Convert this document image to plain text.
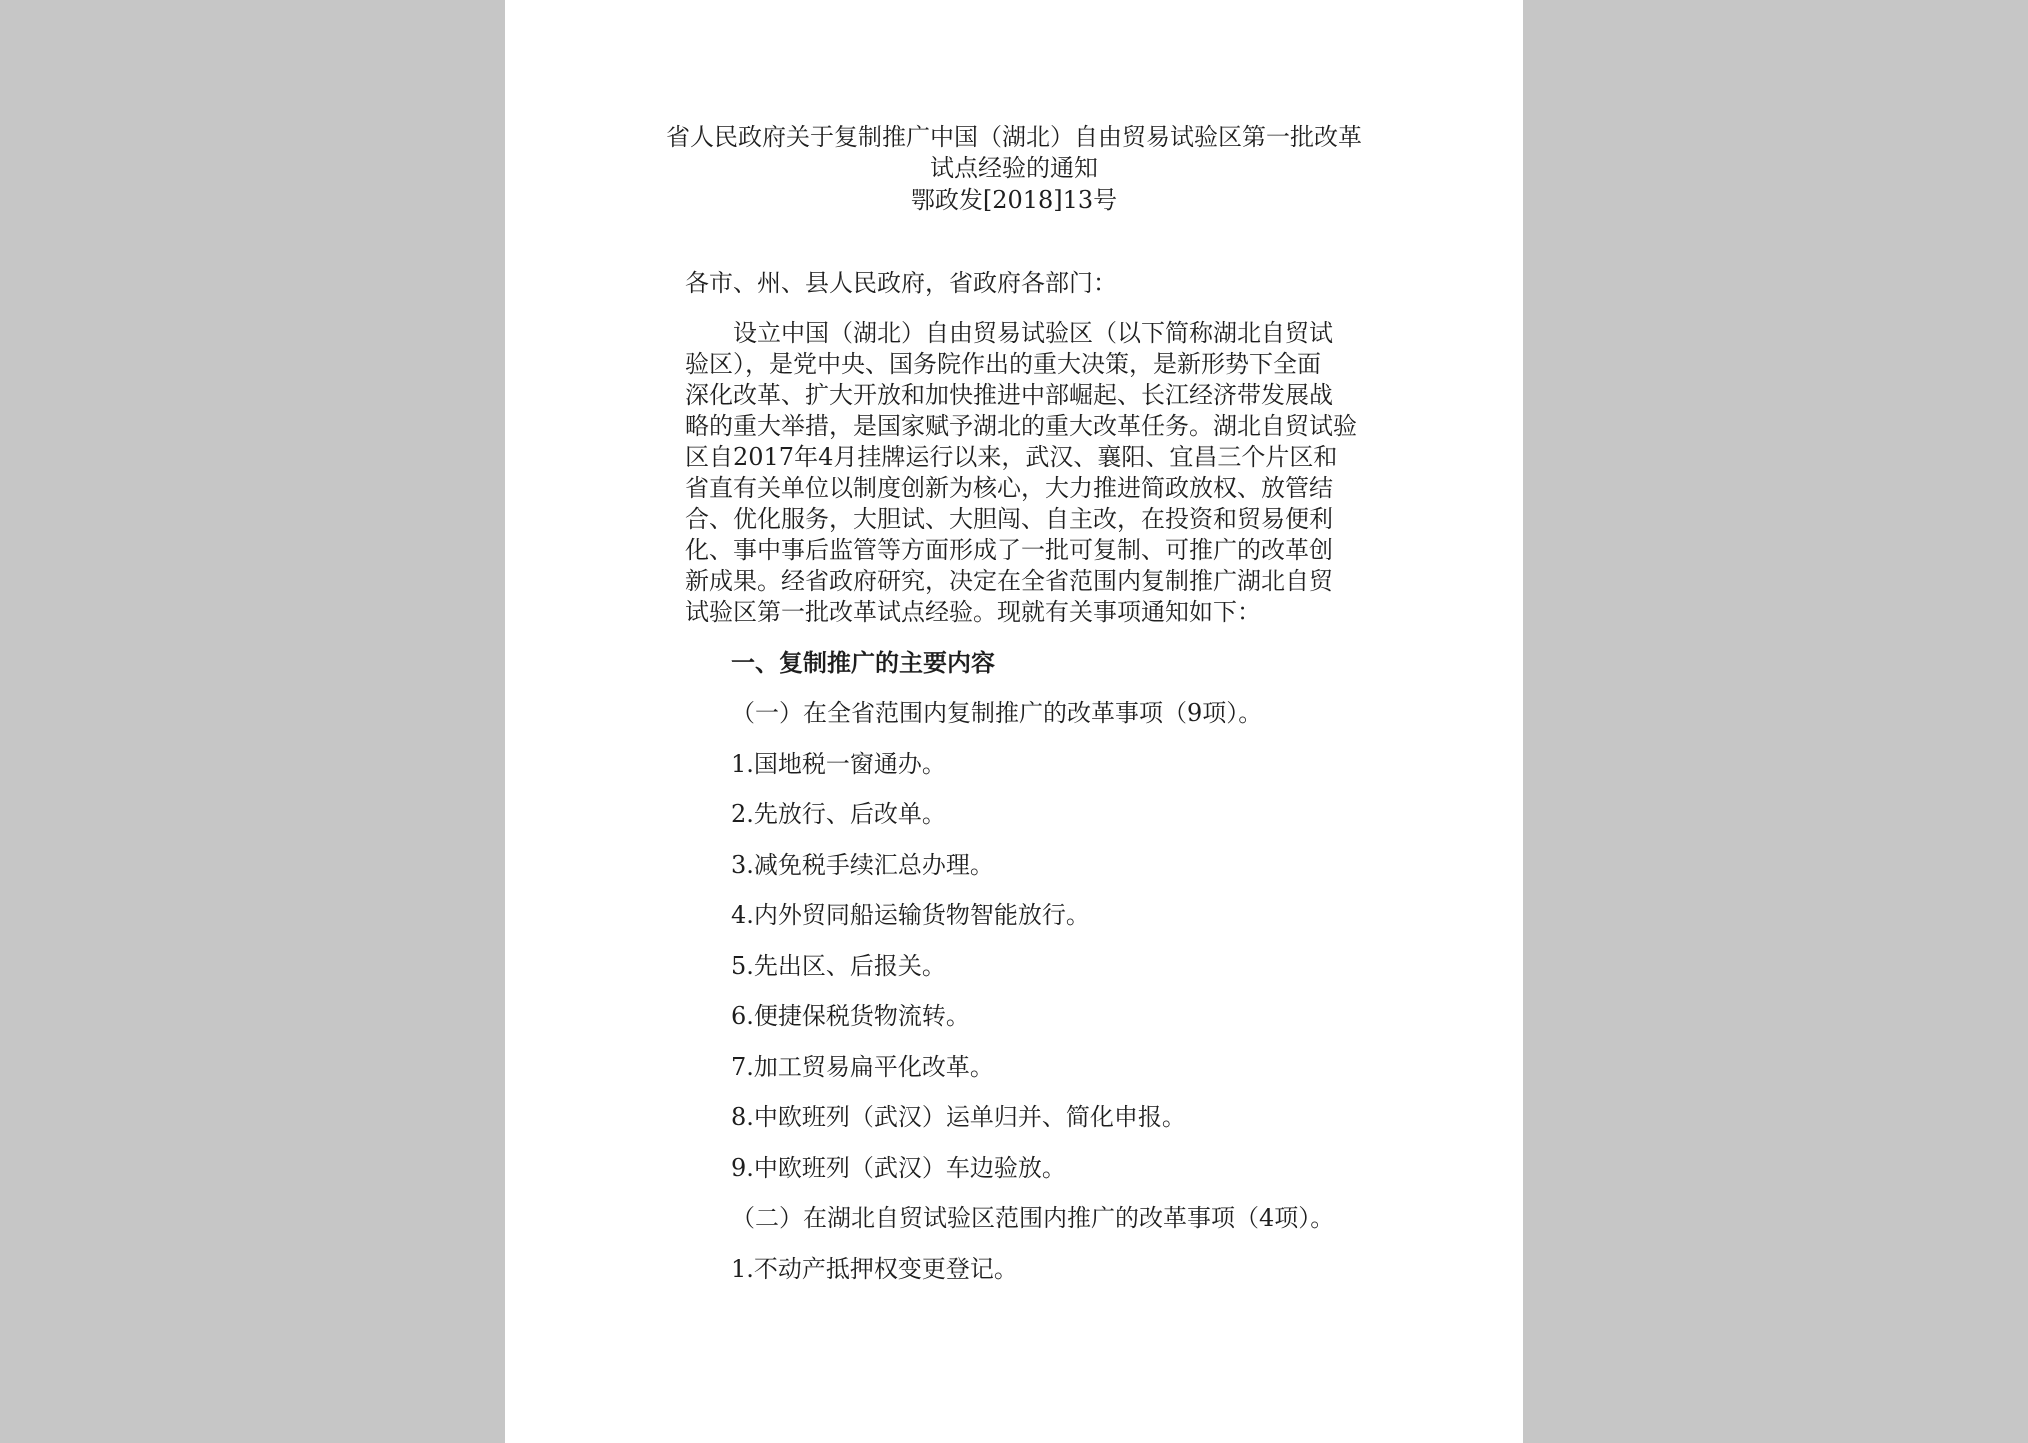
省人民政府关于复制推广中国（湖北）自由贸易试验区第一批改革
试点经验的通知
鄂政发[2018]13号
各市、州、县人民政府，省政府各部门：
设立中国（湖北）自由贸易试验区（以下简称湖北自贸试
验区），是党中央、国务院作出的重大决策，是新形势下全面
深化改革、扩大开放和加快推进中部崛起、长江经济带发展战
略的重大举措，是国家赋予湖北的重大改革任务。湖北自贸试验
区自2017年4月挂牌运行以来，武汉、襄阳、宜昌三个片区和
省直有关单位以制度创新为核心，大力推进简政放权、放管结
合、优化服务，大胆试、大胆闯、自主改，在投资和贸易便利
化、事中事后监管等方面形成了一批可复制、可推广的改革创
新成果。经省政府研究，决定在全省范围内复制推广湖北自贸
试验区第一批改革试点经验。现就有关事项通知如下：
一、复制推广的主要内容
（一）在全省范围内复制推广的改革事项（9项）。
1.国地税一窗通办。
2.先放行、后改单。
3.减免税手续汇总办理。
4.内外贸同船运输货物智能放行。
5.先出区、后报关。
6.便捷保税货物流转。
7.加工贸易扁平化改革。
8.中欧班列（武汉）运单归并、简化申报。
9.中欧班列（武汉）车边验放。
（二）在湖北自贸试验区范围内推广的改革事项（4项）。
1.不动产抵押权变更登记。
